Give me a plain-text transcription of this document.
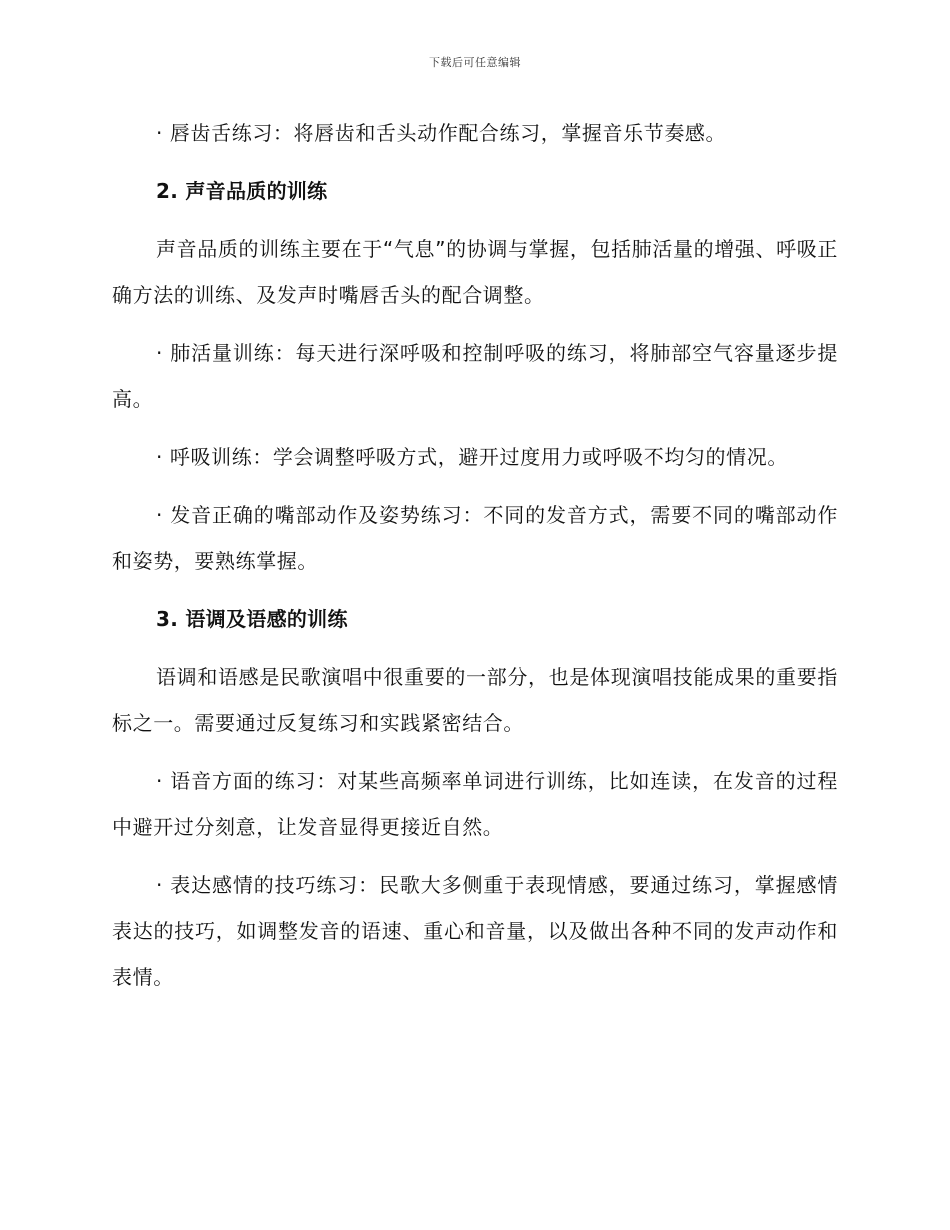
下载后可任意编辑

· 唇齿舌练习：将唇齿和舌头动作配合练习，掌握音乐节奏感。

2. 声音品质的训练

声音品质的训练主要在于“气息”的协调与掌握，包括肺活量的增强、呼吸正确方法的训练、及发声时嘴唇舌头的配合调整。

· 肺活量训练：每天进行深呼吸和控制呼吸的练习，将肺部空气容量逐步提高。

· 呼吸训练：学会调整呼吸方式，避开过度用力或呼吸不均匀的情况。

· 发音正确的嘴部动作及姿势练习：不同的发音方式，需要不同的嘴部动作和姿势，要熟练掌握。

3. 语调及语感的训练

语调和语感是民歌演唱中很重要的一部分，也是体现演唱技能成果的重要指标之一。需要通过反复练习和实践紧密结合。

· 语音方面的练习：对某些高频率单词进行训练，比如连读，在发音的过程中避开过分刻意，让发音显得更接近自然。

· 表达感情的技巧练习：民歌大多侧重于表现情感，要通过练习，掌握感情表达的技巧，如调整发音的语速、重心和音量，以及做出各种不同的发声动作和表情。
